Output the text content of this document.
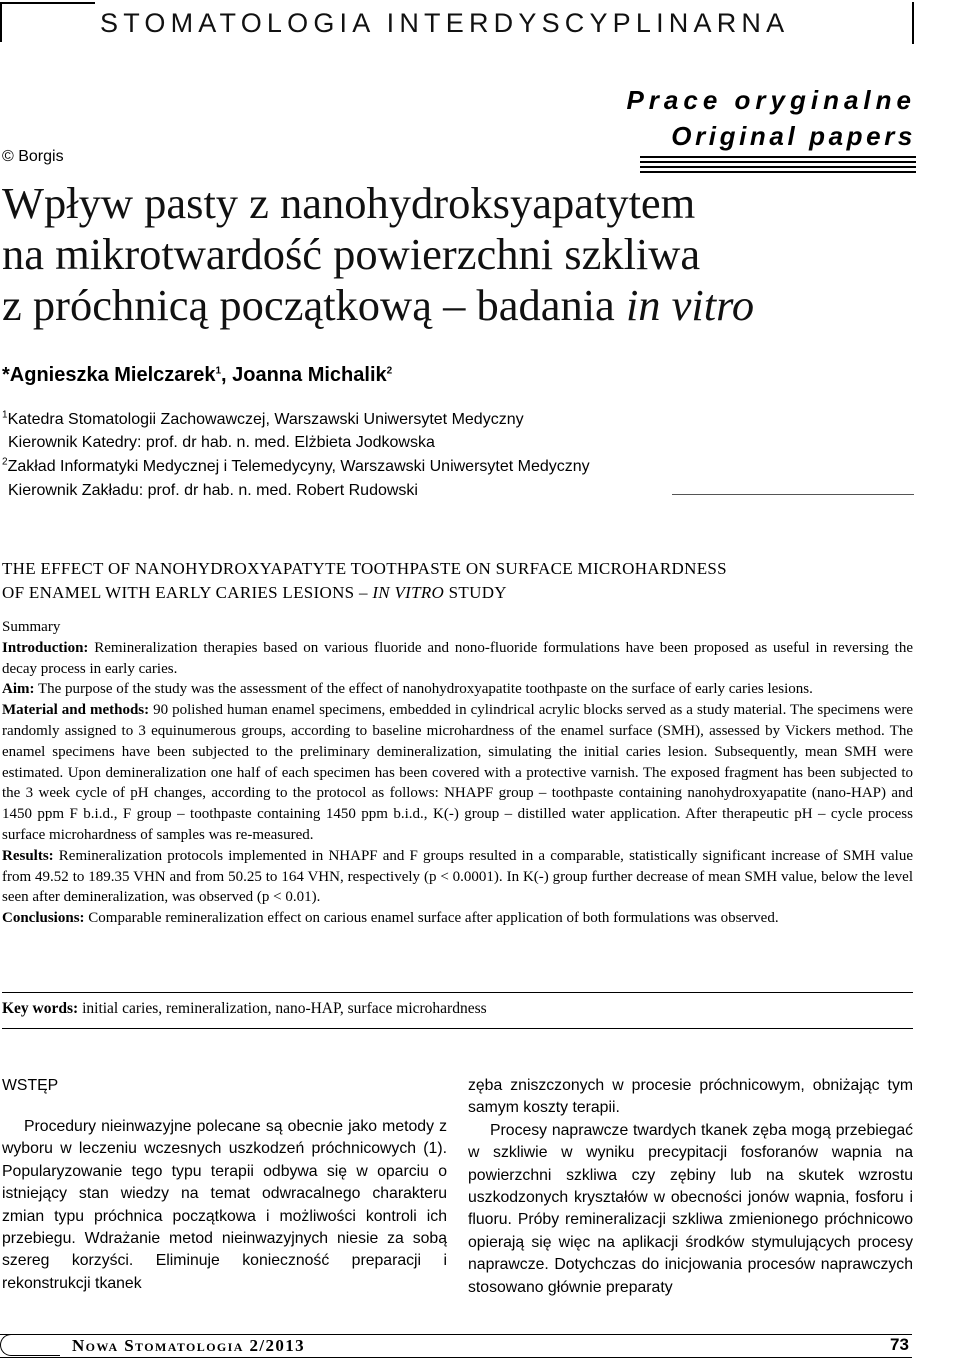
STOMATOLOGIA INTERDYSCYPLINARNA
Prace oryginalne
Original papers
© Borgis
Wpływ pasty z nanohydroksyapatytem
na mikrotwardość powierzchni szkliwa
z próchnicą początkową – badania in vitro
*Agnieszka Mielczarek$^1$, Joanna Michalik$^2$
$^1$Katedra Stomatologii Zachowawczej, Warszawski Uniwersytet Medyczny
Kierownik Katedry: prof. dr hab. n. med. Elżbieta Jodkowska
$^2$Zakład Informatyki Medycznej i Telemedycyny, Warszawski Uniwersytet Medyczny
Kierownik Zakładu: prof. dr hab. n. med. Robert Rudowski
THE EFFECT OF NANOHYDROXYAPATYTE TOOTHPASTE ON SURFACE MICROHARDNESS
OF ENAMEL WITH EARLY CARIES LESIONS – IN VITRO STUDY

Summary

Introduction: Remineralization therapies based on various fluoride and nono-fluoride formulations have been proposed as useful in reversing the decay process in early caries.

Aim: The purpose of the study was the assessment of the effect of nanohydroxyapatite toothpaste on the surface of early caries lesions.

Material and methods: 90 polished human enamel specimens, embedded in cylindrical acrylic blocks served as a study material. The specimens were randomly assigned to 3 equinumerous groups, according to baseline microhardness of the enamel surface (SMH), assessed by Vickers method. The enamel specimens have been subjected to the preliminary demineralization, simulating the initial caries lesion. Subsequently, mean SMH were estimated. Upon demineralization one half of each specimen has been covered with a protective varnish. The exposed fragment has been subjected to the 3 week cycle of pH changes, according to the protocol as follows: NHAPF group – toothpaste containing nanohydroxyapatite (nano-HAP) and 1450 ppm F b.i.d., F group – toothpaste containing 1450 ppm b.i.d., K(-) group – distilled water application. After therapeutic pH – cycle process surface microhardness of samples was re-measured.

Results: Remineralization protocols implemented in NHAPF and F groups resulted in a comparable, statistically significant increase of SMH value from 49.52 to 189.35 VHN and from 50.25 to 164 VHN, respectively (p < 0.0001). In K(-) group further decrease of mean SMH value, below the level seen after demineralization, was observed (p < 0.01).

Conclusions: Comparable remineralization effect on carious enamel surface after application of both formulations was observed.

Key words: initial caries, remineralization, nano-HAP, surface microhardness
WSTĘP

Procedury nieinwazyjne polecane są obecnie jako metody z wyboru w leczeniu wczesnych uszkodzeń próchnicowych (1). Popularyzowanie tego typu terapii odbywa się w oparciu o istniejący stan wiedzy na temat odwracalnego charakteru zmian typu próchnica początkowa i możliwości kontroli ich przebiegu. Wdrażanie metod nieinwazyjnych niesie za sobą szereg korzyści. Eliminuje konieczność preparacji i rekonstrukcji tkanek

zęba zniszczonych w procesie próchnicowym, obniżając tym samym koszty terapii.

Procesy naprawcze twardych tkanek zęba mogą przebiegać w szkliwie w wyniku precypitacji fosforanów wapnia na powierzchni szkliwa czy zębiny lub na skutek wzrostu uszkodzonych kryształów w obecności jonów wapnia, fosforu i fluoru. Próby remineralizacji szkliwa zmienionego próchnicowo opierają się więc na aplikacji środków stymulujących procesy naprawcze. Dotychczas do inicjowania procesów naprawczych stosowano głównie preparaty

Nowa Stomatologia 2/2013	73
